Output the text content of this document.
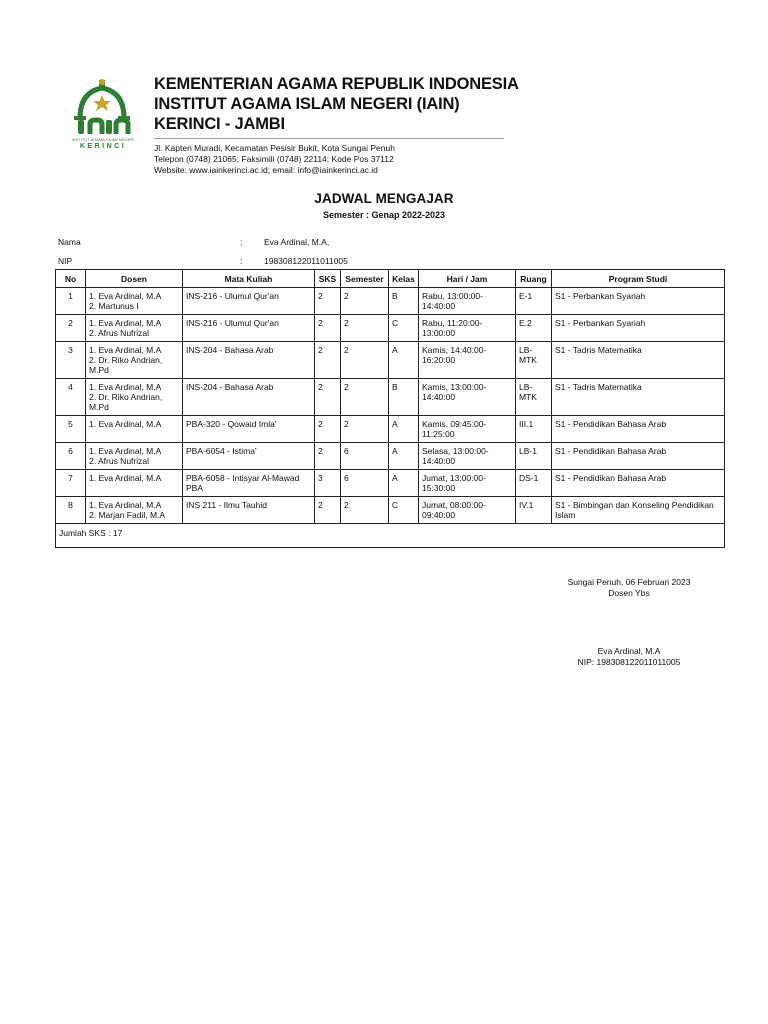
INSTITUT AGAMA ISLAM NEGERI
KERINCI
KEMENTERIAN AGAMA REPUBLIK INDONESIA
INSTITUT AGAMA ISLAM NEGERI (IAIN)
KERINCI - JAMBI
Jl. Kapten Muradi, Kecamatan Pesisir Bukit, Kota Sungai Penuh
Telepon (0748) 21065; Faksimili (0748) 22114; Kode Pos 37112
Website: www.iainkerinci.ac.id; email: info@iainkerinci.ac.id
JADWAL MENGAJAR
Semester : Genap 2022-2023
Nama	:	Eva Ardinal, M.A,
NIP	:	198308122011011005
No	Dosen	Mata Kuliah	SKS	Semester	Kelas	Hari / Jam	Ruang	Program Studi
1	1. Eva Ardinal, M.A
2. Martunus I	INS-216 - Ulumul Qur'an	2	2	B	Rabu, 13:00:00-14:40:00	E-1	S1 - Perbankan Syariah
2	1. Eva Ardinal, M.A
2. Afrus Nufrizal	INS-216 - Ulumul Qur'an	2	2	C	Rabu, 11:20:00-13:00:00	E.2	S1 - Perbankan Syariah
3	1. Eva Ardinal, M.A
2. Dr. Riko Andrian, M.Pd	INS-204 - Bahasa Arab	2	2	A	Kamis, 14:40:00-16:20:00	LB-MTK	S1 - Tadris Matematika
4	1. Eva Ardinal, M.A
2. Dr. Riko Andrian, M.Pd	INS-204 - Bahasa Arab	2	2	B	Kamis, 13:00:00-14:40:00	LB-MTK	S1 - Tadris Matematika
5	1. Eva Ardinal, M.A	PBA-320 - Qowaid Imla'	2	2	A	Kamis, 09:45:00-11:25:00	III.1	S1 - Pendidikan Bahasa Arab
6	1. Eva Ardinal, M.A
2. Afrus Nufrizal	PBA-6054 - Istima'	2	6	A	Selasa, 13:00:00-14:40:00	LB-1	S1 - Pendidikan Bahasa Arab
7	1. Eva Ardinal, M.A	PBA-6058 - Intisyar Al-Mawad PBA	3	6	A	Jumat, 13:00:00-15:30:00	DS-1	S1 - Pendidikan Bahasa Arab
8	1. Eva Ardinal, M.A
2. Marjan Fadil, M.A	INS 211 - Ilmu Tauhid	2	2	C	Jumat, 08:00:00-09:40:00	IV.1	S1 - Bimbingan dan Konseling Pendidikan Islam
Jumlah SKS : 17								
Sungai Penuh, 06 Februari 2023
Dosen Ybs
Eva Ardinal, M.A
NIP: 198308122011011005
